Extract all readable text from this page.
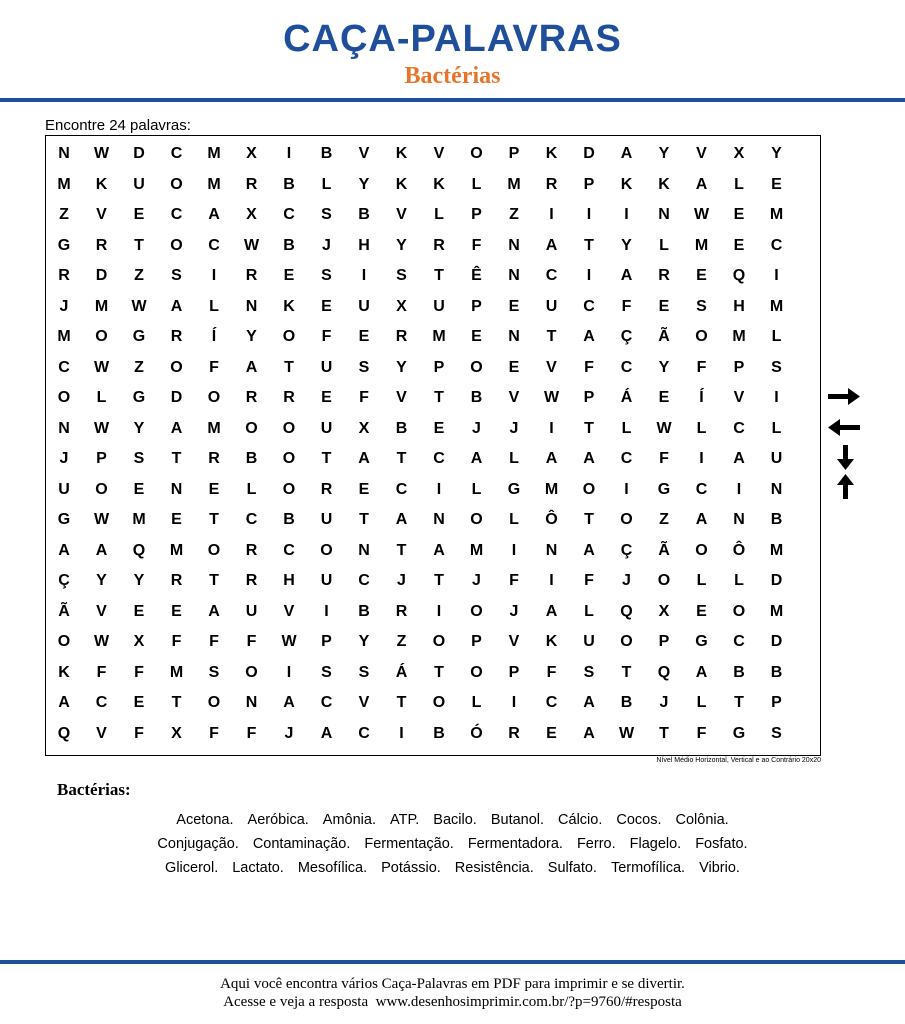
CAÇA-PALAVRAS
Bactérias
Encontre 24 palavras:
N	W	D	C	M	X	I	B	V	K	V	O	P	K	D	A	Y	V	X	Y
M	K	U	O	M	R	B	L	Y	K	K	L	M	R	P	K	K	A	L	E
Z	V	E	C	A	X	C	S	B	V	L	P	Z	I	I	I	N	W	E	M
G	R	T	O	C	W	B	J	H	Y	R	F	N	A	T	Y	L	M	E	C
R	D	Z	S	I	R	E	S	I	S	T	Ê	N	C	I	A	R	E	Q	I
J	M	W	A	L	N	K	E	U	X	U	P	E	U	C	F	E	S	H	M
M	O	G	R	Í	Y	O	F	E	R	M	E	N	T	A	Ç	Ã	O	M	L
C	W	Z	O	F	A	T	U	S	Y	P	O	E	V	F	C	Y	F	P	S
O	L	G	D	O	R	R	E	F	V	T	B	V	W	P	Á	E	Í	V	I
N	W	Y	A	M	O	O	U	X	B	E	J	J	I	T	L	W	L	C	L
J	P	S	T	R	B	O	T	A	T	C	A	L	A	A	C	F	I	A	U
U	O	E	N	E	L	O	R	E	C	I	L	G	M	O	I	G	C	I	N
G	W	M	E	T	C	B	U	T	A	N	O	L	Ô	T	O	Z	A	N	B
A	A	Q	M	O	R	C	O	N	T	A	M	I	N	A	Ç	Ã	O	Ô	M
Ç	Y	Y	R	T	R	H	U	C	J	T	J	F	I	F	J	O	L	L	D
Ã	V	E	E	A	U	V	I	B	R	I	O	J	A	L	Q	X	E	O	M
O	W	X	F	F	F	W	P	Y	Z	O	P	V	K	U	O	P	G	C	D
K	F	F	M	S	O	I	S	S	Á	T	O	P	F	S	T	Q	A	B	B
A	C	E	T	O	N	A	C	V	T	O	L	I	C	A	B	J	L	T	P
Q	V	F	X	F	F	J	A	C	I	B	Ó	R	E	A	W	T	F	G	S
Nível Médio Horizontal, Vertical e ao Contrário 20x20
Bactérias:
Acetona. Aeróbica. Amônia. ATP. Bacilo. Butanol. Cálcio. Cocos. Colônia.
Conjugação. Contaminação. Fermentação. Fermentadora. Ferro. Flagelo. Fosfato.
Glicerol. Lactato. Mesofílica. Potássio. Resistência. Sulfato. Termofílica. Vibrio.
Aqui você encontra vários Caça-Palavras em PDF para imprimir e se divertir.
Acesse e veja a resposta  www.desenhosimprimir.com.br/?p=9760/#resposta
